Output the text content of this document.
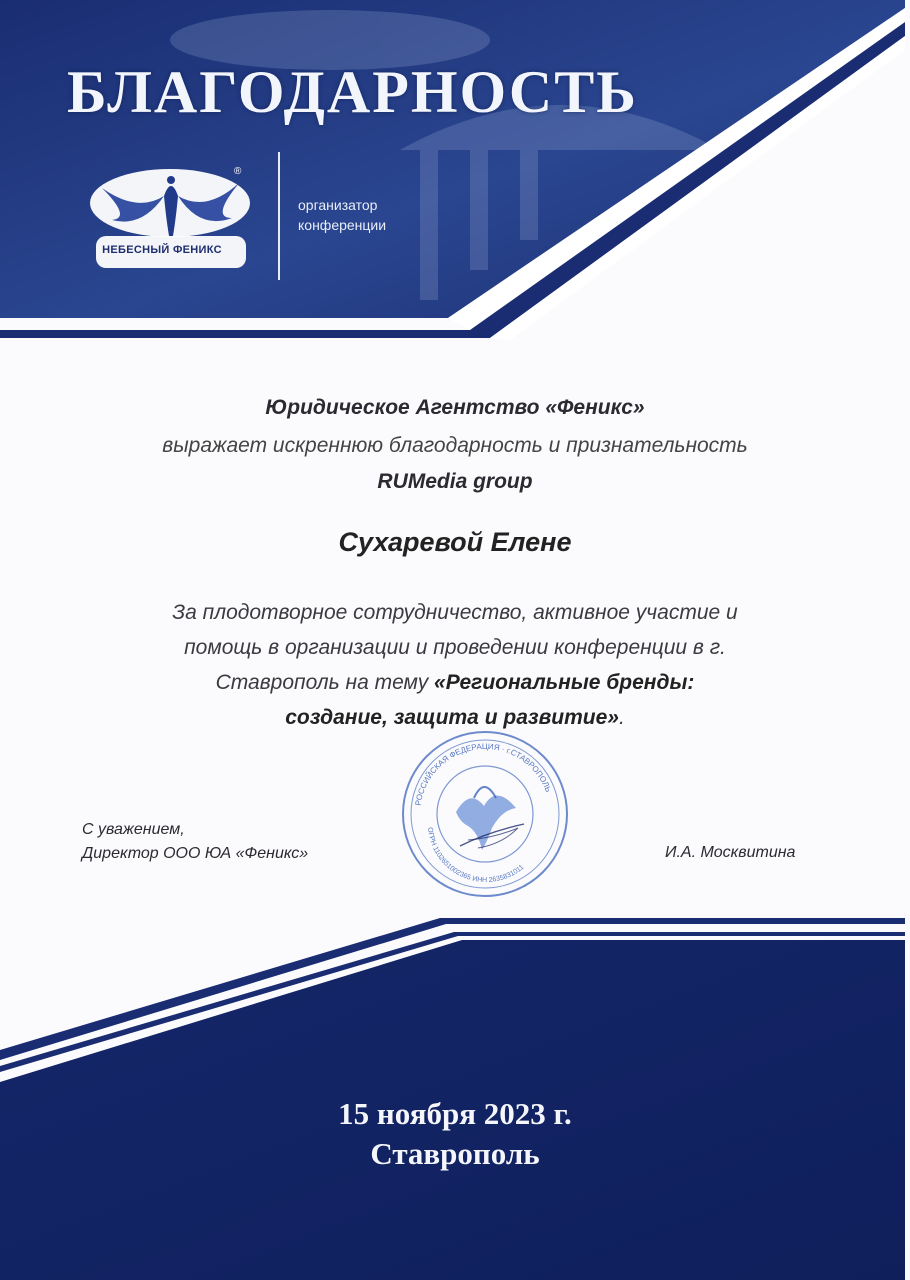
БЛАГОДАРНОСТЬ
НЕБЕСНЫЙ ФЕНИКС
®
организатор
конференции

Юридическое Агентство «Феникс»

выражает искреннюю благодарность и признательность

RUMedia group

Сухаревой Елене

За плодотворное сотрудничество, активное участие и
помощь в организации и проведении конференции в г.
Ставрополь на тему «Региональные бренды:
создание, защита и развитие».
РОССИЙСКАЯ ФЕДЕРАЦИЯ · г.СТАВРОПОЛЬ
ОГРН 1102651002365 ИНН 2635831011
С уважением,
Директор ООО ЮА «Феникс»	И.А. Москвитина
15 ноября 2023 г.
Ставрополь
